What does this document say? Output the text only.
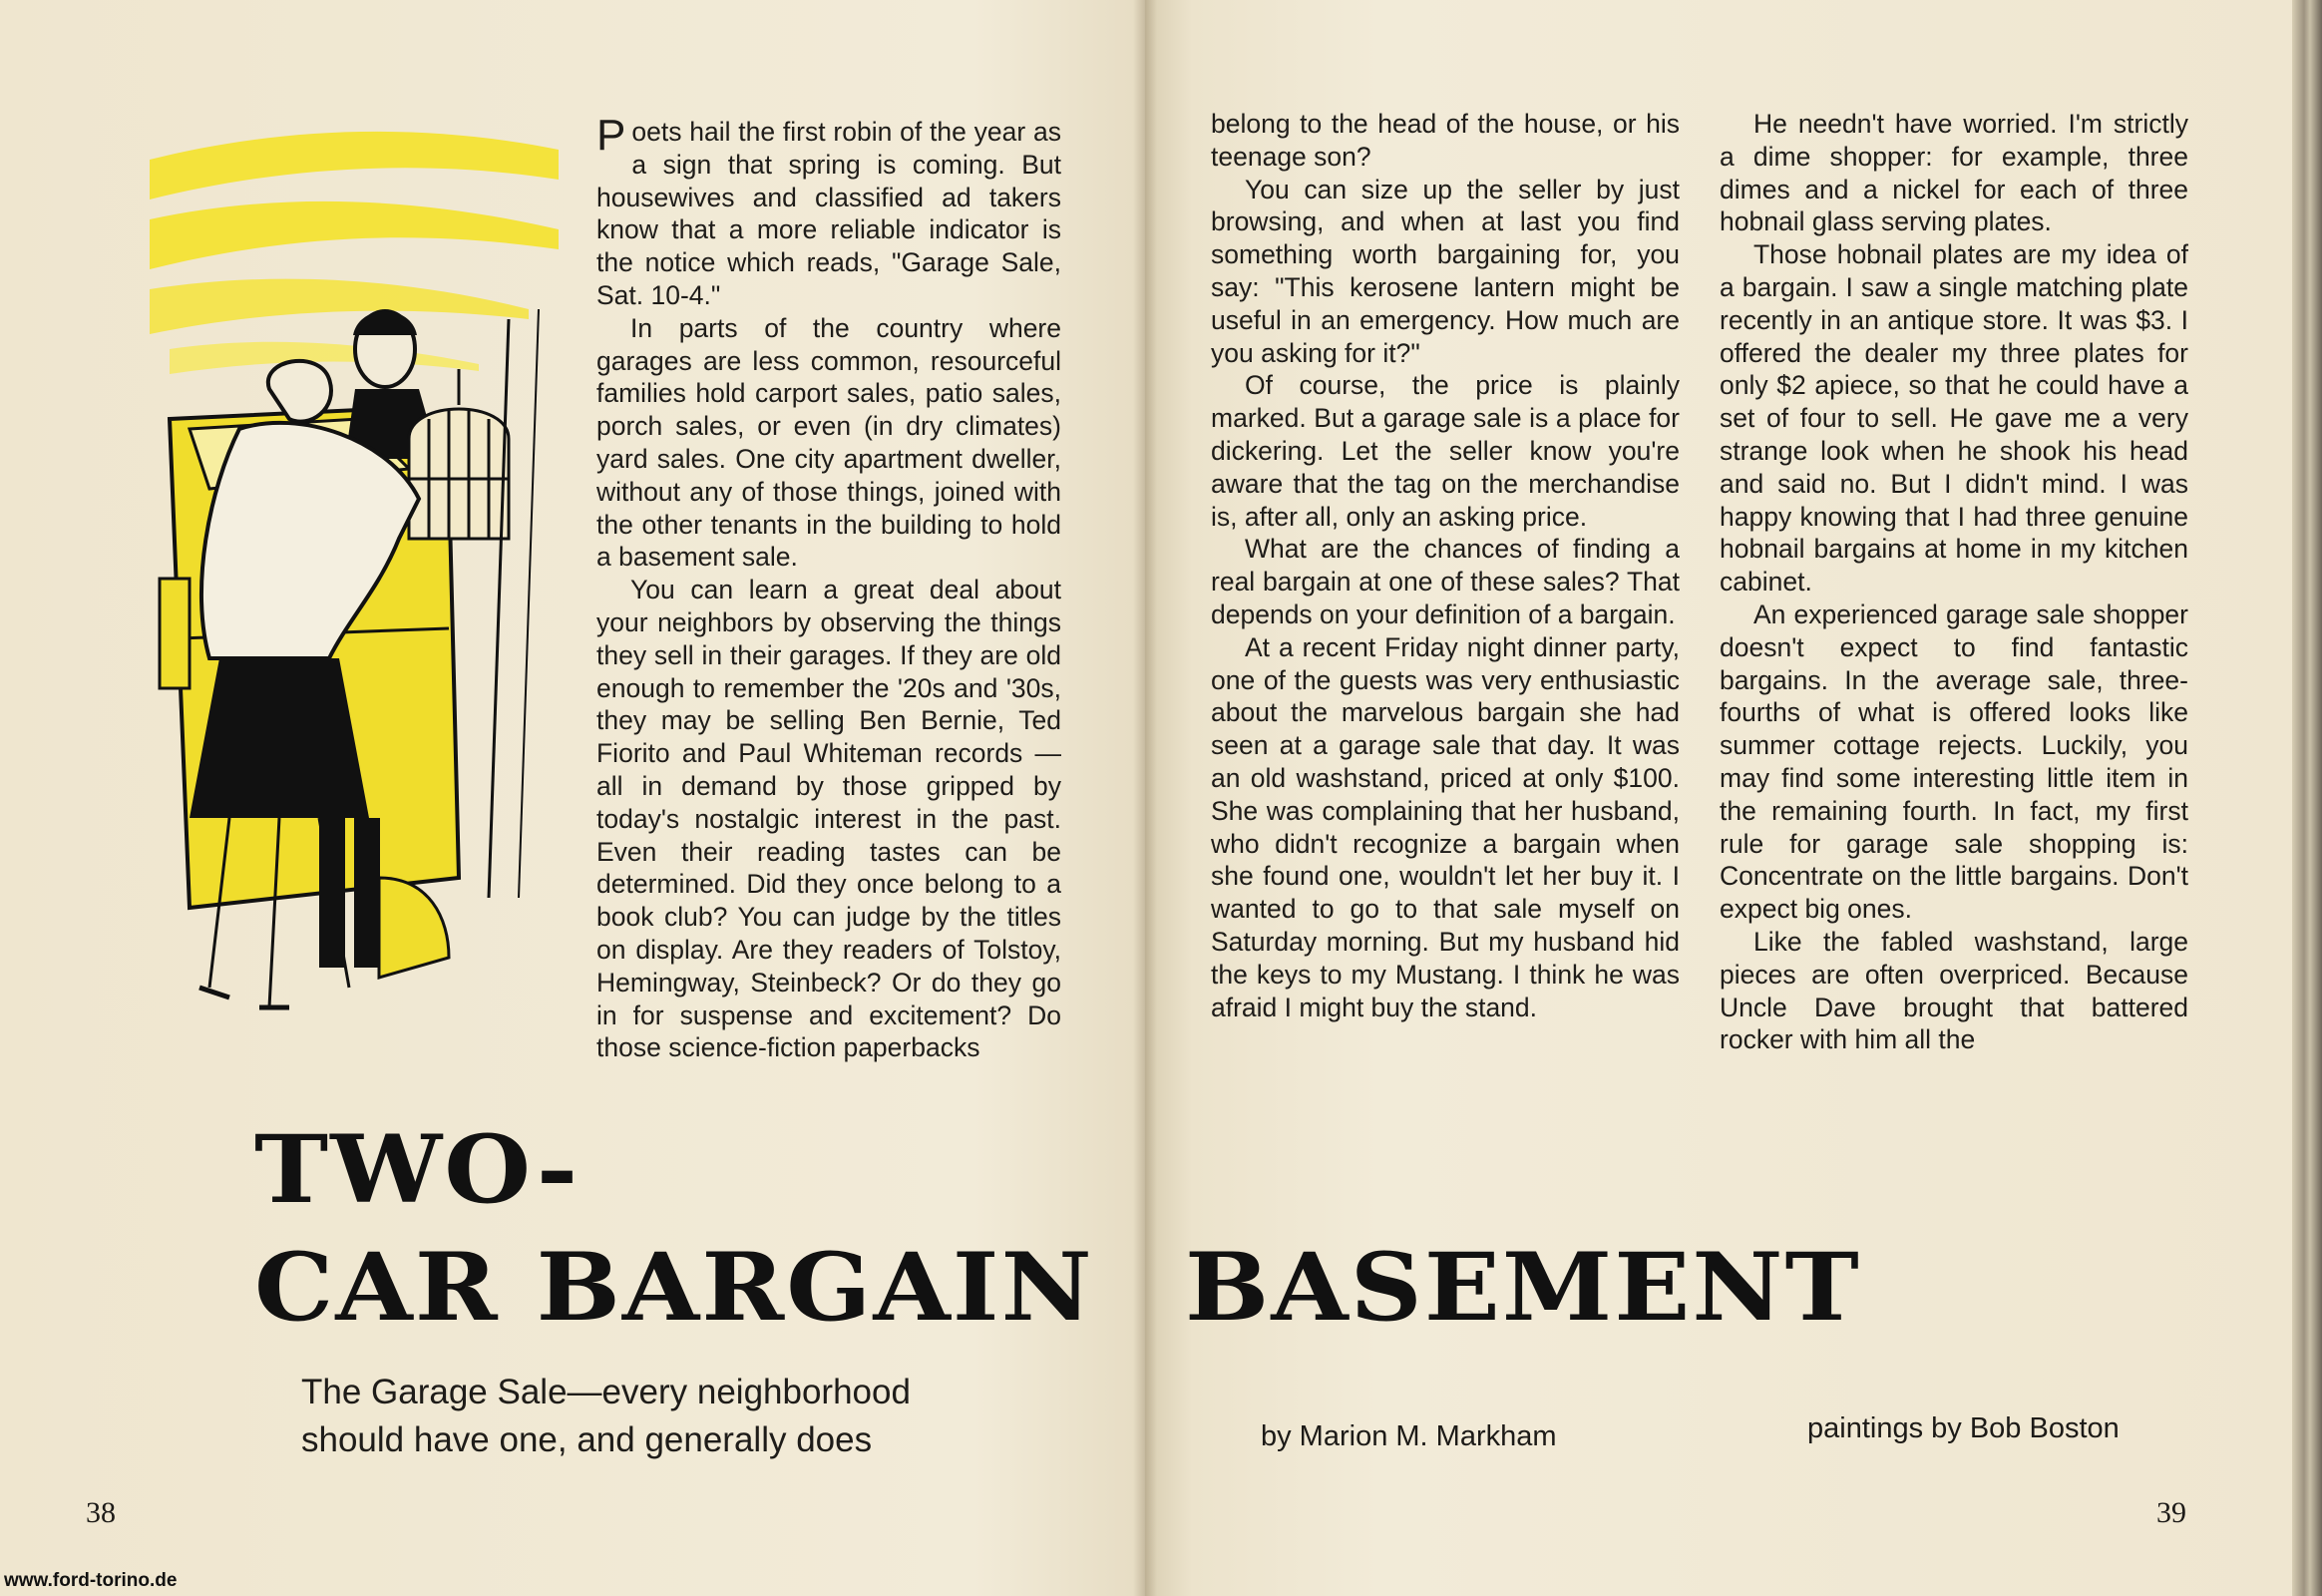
Poets hail the first robin of the year as a sign that spring is coming. But housewives and classified ad takers know that a more reliable indicator is the notice which reads, "Garage Sale, Sat. 10-4."

In parts of the country where garages are less common, resourceful families hold carport sales, patio sales, porch sales, or even (in dry climates) yard sales. One city apartment dweller, without any of those things, joined with the other tenants in the building to hold a basement sale.

You can learn a great deal about your neighbors by observing the things they sell in their garages. If they are old enough to remember the '20s and '30s, they may be selling Ben Bernie, Ted Fiorito and Paul Whiteman records —all in demand by those gripped by today's nostalgic interest in the past. Even their reading tastes can be determined. Did they once belong to a book club? You can judge by the titles on display. Are they readers of Tolstoy, Hemingway, Steinbeck? Or do they go in for suspense and excitement? Do those science-fiction paperbacks

belong to the head of the house, or his teenage son?

You can size up the seller by just browsing, and when at last you find something worth bargaining for, you say: "This kerosene lantern might be useful in an emergency. How much are you asking for it?"

Of course, the price is plainly marked. But a garage sale is a place for dickering. Let the seller know you're aware that the tag on the merchandise is, after all, only an asking price.

What are the chances of finding a real bargain at one of these sales? That depends on your definition of a bargain.

At a recent Friday night dinner party, one of the guests was very enthusiastic about the marvelous bargain she had seen at a garage sale that day. It was an old washstand, priced at only $100. She was complaining that her husband, who didn't recognize a bargain when she found one, wouldn't let her buy it. I wanted to go to that sale myself on Saturday morning. But my husband hid the keys to my Mustang. I think he was afraid I might buy the stand.

He needn't have worried. I'm strictly a dime shopper: for example, three dimes and a nickel for each of three hobnail glass serving plates.

Those hobnail plates are my idea of a bargain. I saw a single matching plate recently in an antique store. It was $3. I offered the dealer my three plates for only $2 apiece, so that he could have a set of four to sell. He gave me a very strange look when he shook his head and said no. But I didn't mind. I was happy knowing that I had three genuine hobnail bargains at home in my kitchen cabinet.

An experienced garage sale shopper doesn't expect to find fantastic bargains. In the average sale, three-fourths of what is offered looks like summer cottage rejects. Luckily, you may find some interesting little item in the remaining fourth. In fact, my first rule for garage sale shopping is: Concentrate on the little bargains. Don't expect big ones.

Like the fabled washstand, large pieces are often overpriced. Because Uncle Dave brought that battered rocker with him all the

TWO-
CAR BARGAIN BASEMENT
The Garage Sale—every neighborhood
should have one, and generally does	by Marion M. Markham	paintings by Bob Boston
38	39
www.ford-torino.de
